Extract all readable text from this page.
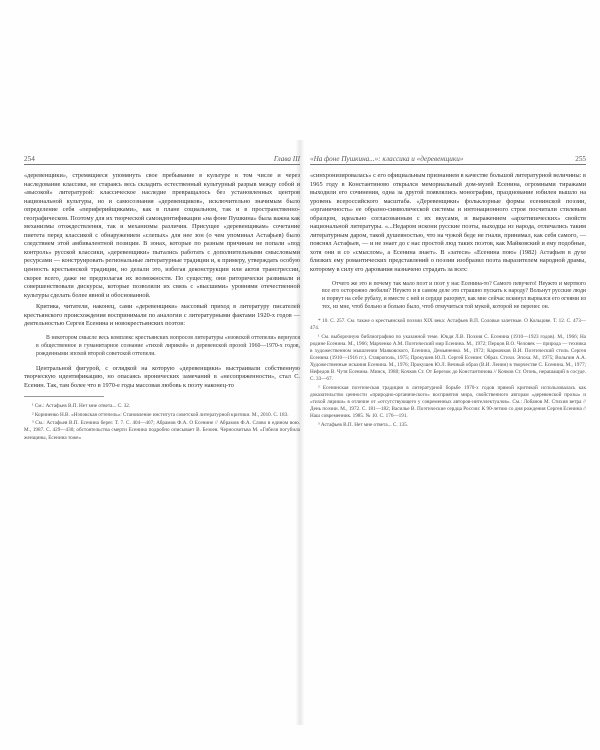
254	Глава III

«деревенщики», стремящиеся упомянуть свое пребывание в культуре в том числе и через наследование классике, не стараясь весь складить естественный культурный разрыв между собой и «высокой» литературой: классическое наследие превращалось без установленных центров национальной культуры, но и самосознания «деревенщиков», исключительно значимым было определение себя «периферийщиками», как в плане социальном, так и в пространственно-географическом. Поэтому для их творческой самоидентификации «на фоне Пушкина» была важна как механизмы отождествления, так и механизмы различия. Присущее «деревенщикам» сочетание пиетета перед классикой с обнаружением «слепых» для нее зон (о чем упоминал Астафьев) было следствием этой амбивалентной позиции. В зонах, которые по разным причинам не попали «под контроль» русской классики, «деревенщики» пытались работать с дополнительными смысловыми ресурсами — конструировать региональные литературные традиции и, к примеру, утверждать особую ценность крестьянской традиции, но делали это, избегая деконструкции или актов трансгрессии, скорее всего, даже не предполагая их возможности. По существу, они риторически развивали и совершенствовали дискурсы, которые позволяли их связь с «высшими» уровнями отечественной культуры сделать более явной и обоснованной.

Критика, читатели, наконец, сами «деревенщики» массовый приход в литературу писателей крестьянского происхождения воспринимали по аналогии с литературными фактами 1920-х годов — деятельностью Сергея Есенина и новокрестьянских поэтов:

В некотором смысле весь комплекс крестьянских вопросов литературы «нзовской оттепели» вернулся в общественное и гуманитарное сознание «тихой лирикой» и деревенской прозой 1960—1970-х годов, рожденными эпохой второй советской оттепели.

Центральной фигурой, с оглядкой на которую «деревенщики» выстраивали собственную творческую идентификацию, но опасаясь иронических замечаний в «несопряженности», стал С. Есенин. Так, там более что в 1970-е годы массовая любовь к поэту наконец-то

¹ См.: Астафьев В.П. Нет мне ответа... С. 32.

² Корниенко Н.В. «Нэповская оттепель»: Становление института советской литературной критики. М., 2010. С. 183.

³ См.: Астафьев В.П. Есенина берег. Т. 7. С. 404—407; Абрамов Ф.А. О Есенине // Абрамов Ф.А. Слово в едином вою. М., 1987. С. 429—430; обстоятельства смерти Есенина подробно описывает В. Безоев. Черносвитьва М. «Гибеля погубила женщины, Есенина тоже»

«На фоне Пушкина...»: классика и «деревенщики»	255

«синхронизировалась» с его официальным признанием в качестве большой литературной величины: в 1965 году в Константиново открылся мемориальный дом-музей Есенина, огромными тиражами выходили его сочинения, одна за другой появлялись монографии, празднование юбилея вышло на уровень всероссийского масштаба. «Деревенщики» фольклорные формы есенинской поэзии, «органичность» ее образно-символической системы и интонационного строя посчитали стилевым образцом, идеально согласованным с их вкусами, и выражением «архетипических» свойств национальной литературы. «...Недаром искони русские поэты, выходцы из народа, отличались таким литературным даром, такой душевностью, что на чужой беде не гнали, принимал, как себя самого, — пояснял Астафьев, — и не знает до с нас простой люд таких поэтов, как Майковский и ему подобные, хотя они и со «смыслом», а Есенина знает». В «затеси» «Есенина пою» (1982) Астафьев в духе близких ему романтических представлений о поэзии изобразил поэта выразителем народной драмы, которому в силу его дарования назначено страдать за всех:

Отчего же это и почему так мало поэт и поэт у нас Есенина-то? Самого певучего! Неужто и мертвого все его осторожно любили? Неужто и в самом деле это страшно пускать к народу? Вольнут русские люди и порвут на себе рубаху, и вместе с ней и сердце разорвут, как мне сейчас вскинул вырвался его огнями из тех, из мне, чтоб больно и больно было, чтоб отмучиться той мукой, которой не перенес он.

* 10. С. 257. См. также о крестьянской поэзии XIX века: Астафьев В.П. Соловьи залетные. О Кольцове. Т. 12. С. 473—474.

¹ См. выборочную библиографию по указанной теме. Юкдя Л.В. Поэзия С. Есенина (1910—1923 годов). М., 1966; На родине Есенина. М., 1966; Марченко А.М. Поэтический мир Есенина. М., 1972; Перцов В.О. Человек — природа — техника в художественном мышлении Маяковского, Есенина, Демьяненко. М., 1972; Кармачков В.И. Поэтический стиль Сергея Есенина (1910—1916 гг.). Ставрополь, 1975; Прокушев Ю.Л. Сергей Есенин: Образ. Стихи. Эпоха. М., 1975; Вольпин А.А. Художественные искания Есенина. М., 1976; Прокушев Ю.Л. Вечный образ (В.И. Ленин) в творчестве С. Есенина. М., 1977; Нефедов В. Чутя Есенина. Минск, 1980; Кочков Ст. От Березок до Константинова // Кочков Ст. Огонь, нерашащий в сосуде. С. 33—67.

² Есенинская поэтическая традиция в литературной борьбе 1970-х годов прямой критикой использовалась как доказательство ценности «природно-органического» восприятия мира, свойственного авторам «деревенской прозы» и «тихой лирики» в отличие от «отсутствующего у современных авторов-интеллектуалов». См.: Лобанов М. Стихия ветра // День поэзии. М., 1972. С. 181—182; Василье В. Поэтические сердца России: К 90-летию со дня рождения Сергея Есенина // Наш современник. 1985. № 10. С. 176—191.

³ Астафьев В.П. Нет мне ответа... С. 135.
